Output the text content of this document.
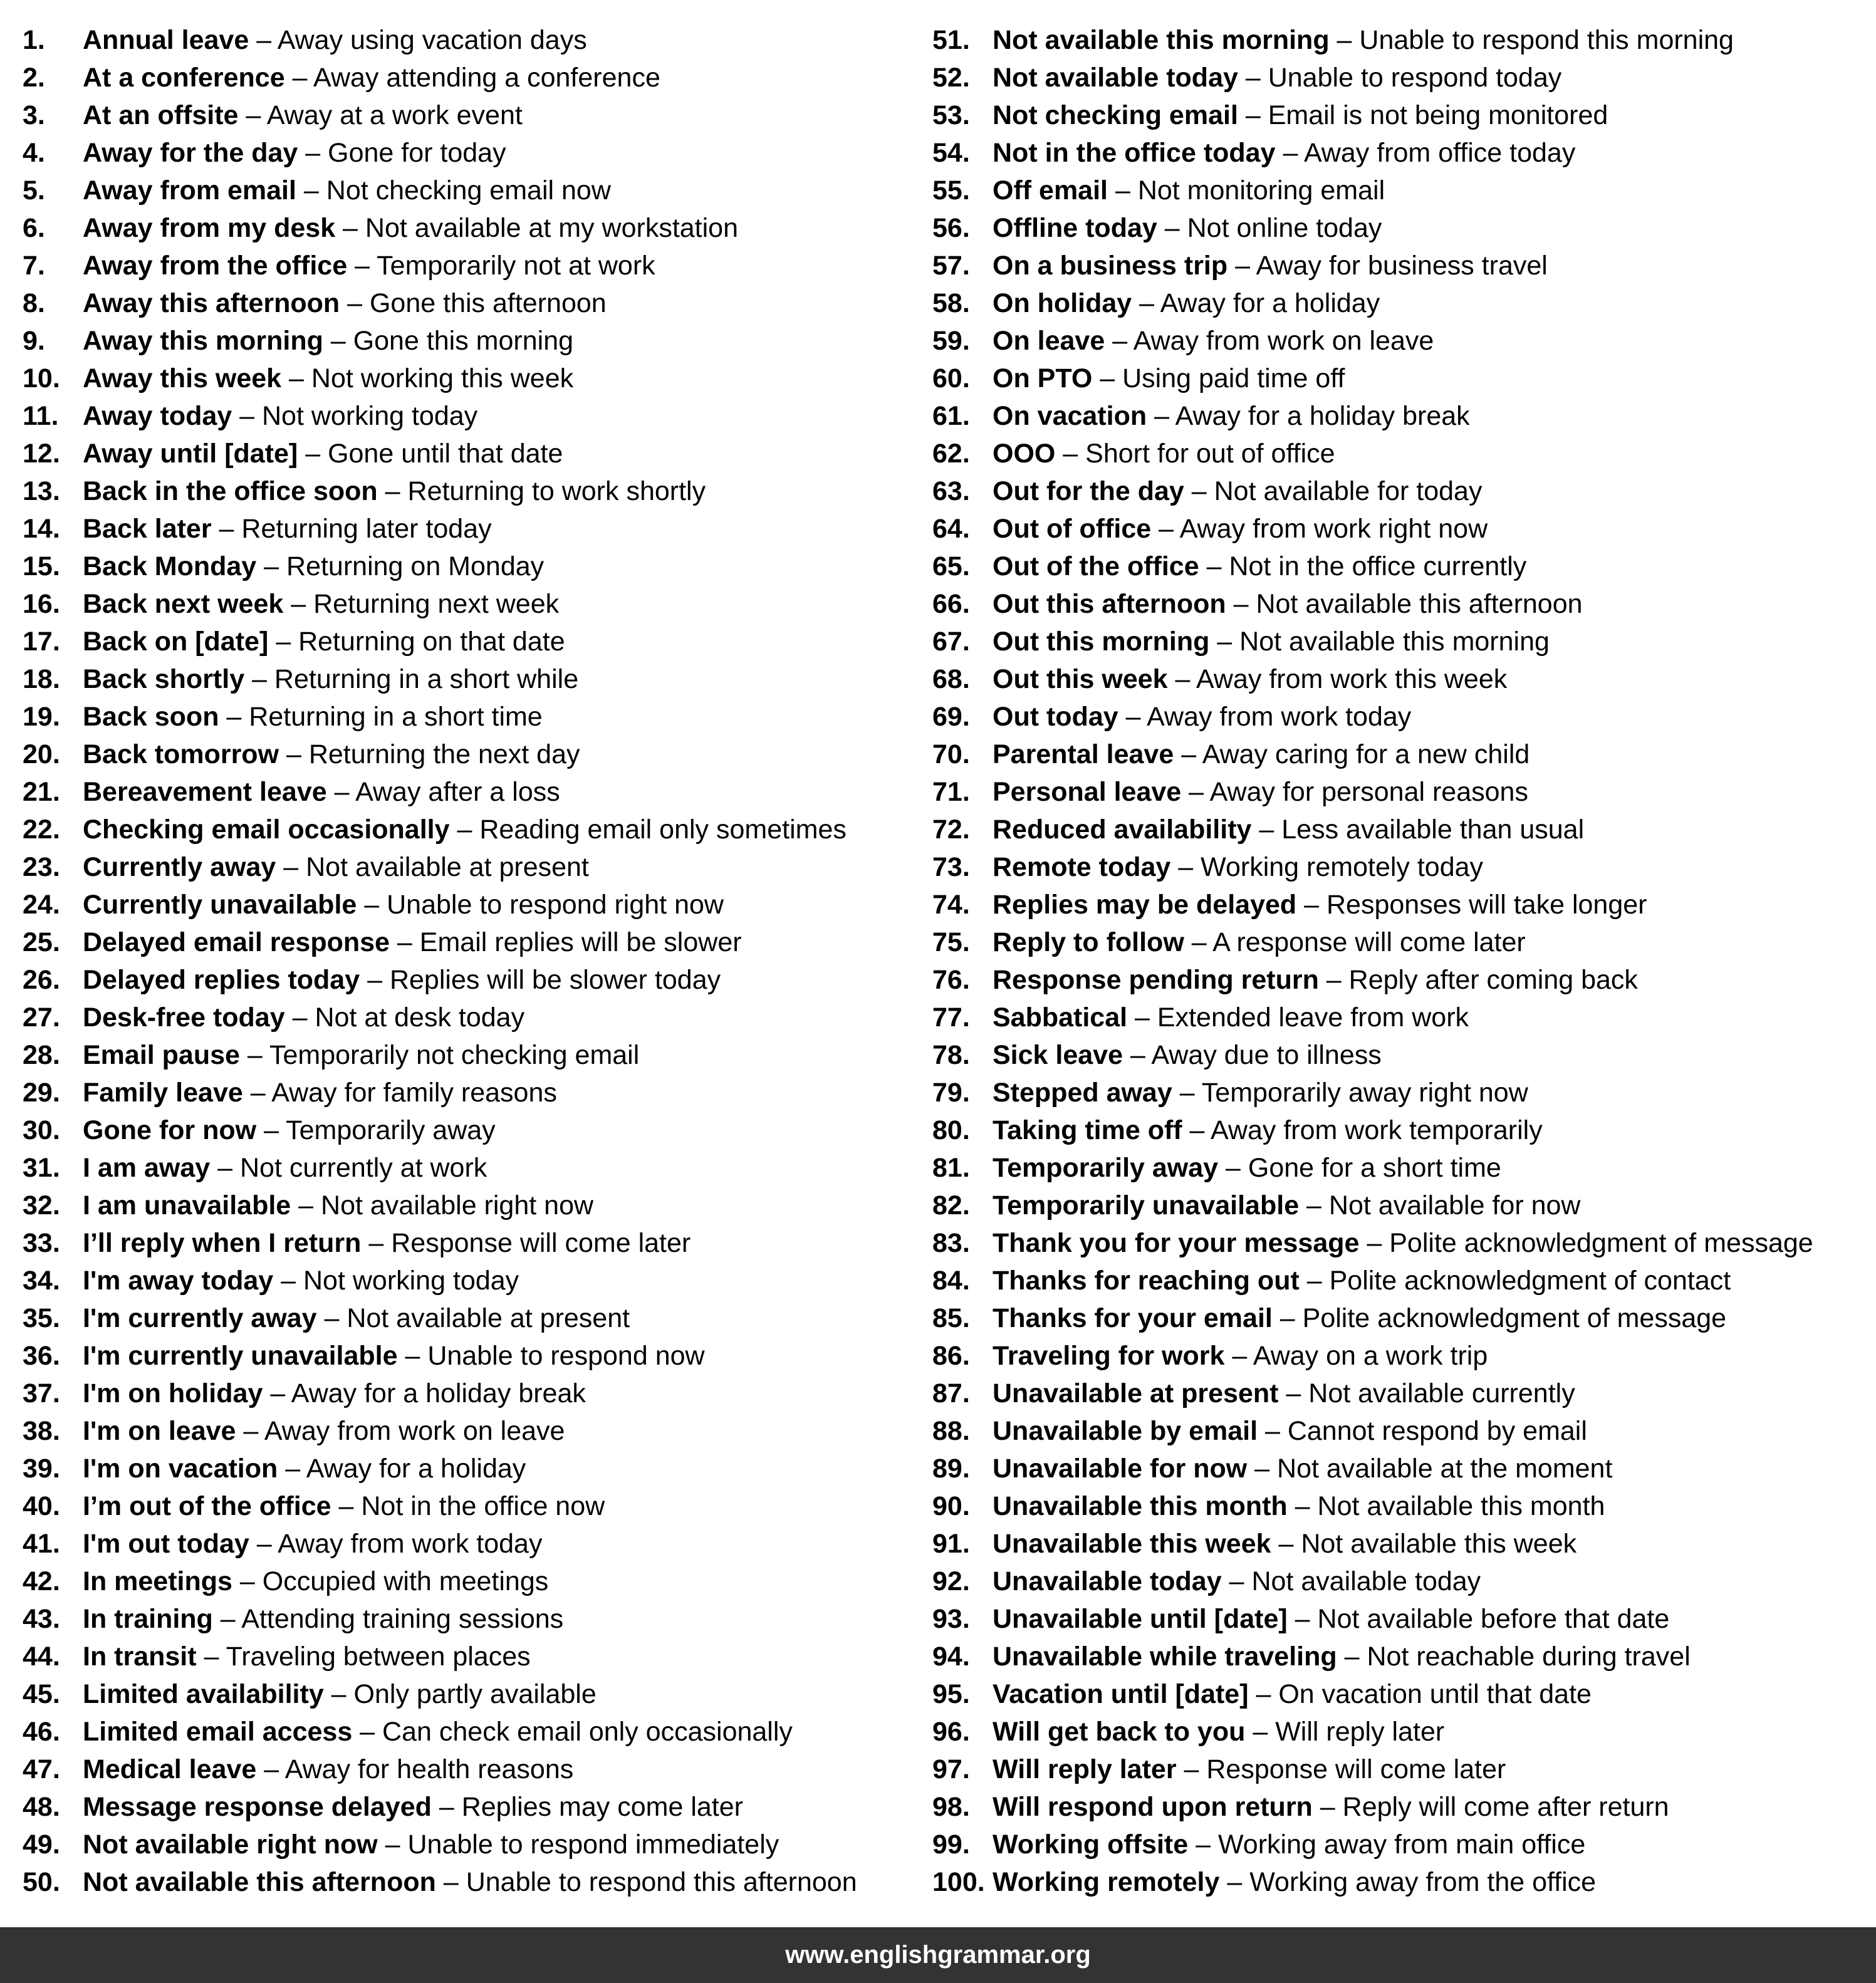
1.	Annual leave – Away using vacation days
2.	At a conference – Away attending a conference
3.	At an offsite – Away at a work event
4.	Away for the day – Gone for today
5.	Away from email – Not checking email now
6.	Away from my desk – Not available at my workstation
7.	Away from the office – Temporarily not at work
8.	Away this afternoon – Gone this afternoon
9.	Away this morning – Gone this morning
10. Away this week – Not working this week
11. Away today – Not working today
12. Away until [date] – Gone until that date
13. Back in the office soon – Returning to work shortly
14. Back later – Returning later today
15. Back Monday – Returning on Monday
16. Back next week – Returning next week
17. Back on [date] – Returning on that date
18. Back shortly – Returning in a short while
19. Back soon – Returning in a short time
20. Back tomorrow – Returning the next day
21. Bereavement leave – Away after a loss
22. Checking email occasionally – Reading email only sometimes
23. Currently away – Not available at present
24. Currently unavailable – Unable to respond right now
25. Delayed email response – Email replies will be slower
26. Delayed replies today – Replies will be slower today
27. Desk-free today – Not at desk today
28. Email pause – Temporarily not checking email
29. Family leave – Away for family reasons
30. Gone for now – Temporarily away
31. I am away – Not currently at work
32. I am unavailable – Not available right now
33. I’ll reply when I return – Response will come later
34. I'm away today – Not working today
35. I'm currently away – Not available at present
36. I'm currently unavailable – Unable to respond now
37. I'm on holiday – Away for a holiday break
38. I'm on leave – Away from work on leave
39. I'm on vacation – Away for a holiday
40. I’m out of the office – Not in the office now
41. I'm out today – Away from work today
42. In meetings – Occupied with meetings
43. In training – Attending training sessions
44. In transit – Traveling between places
45. Limited availability – Only partly available
46. Limited email access – Can check email only occasionally
47. Medical leave – Away for health reasons
48. Message response delayed – Replies may come later
49. Not available right now – Unable to respond immediately
50. Not available this afternoon – Unable to respond this afternoon
51. Not available this morning – Unable to respond this morning
52. Not available today – Unable to respond today
53. Not checking email – Email is not being monitored
54. Not in the office today – Away from office today
55. Off email – Not monitoring email
56. Offline today – Not online today
57. On a business trip – Away for business travel
58. On holiday – Away for a holiday
59. On leave – Away from work on leave
60. On PTO – Using paid time off
61. On vacation – Away for a holiday break
62. OOO – Short for out of office
63. Out for the day – Not available for today
64. Out of office – Away from work right now
65. Out of the office – Not in the office currently
66. Out this afternoon – Not available this afternoon
67. Out this morning – Not available this morning
68. Out this week – Away from work this week
69. Out today – Away from work today
70. Parental leave – Away caring for a new child
71. Personal leave – Away for personal reasons
72. Reduced availability – Less available than usual
73. Remote today – Working remotely today
74. Replies may be delayed – Responses will take longer
75. Reply to follow – A response will come later
76. Response pending return – Reply after coming back
77. Sabbatical – Extended leave from work
78. Sick leave – Away due to illness
79. Stepped away – Temporarily away right now
80. Taking time off – Away from work temporarily
81. Temporarily away – Gone for a short time
82. Temporarily unavailable – Not available for now
83. Thank you for your message – Polite acknowledgment of message
84. Thanks for reaching out – Polite acknowledgment of contact
85. Thanks for your email – Polite acknowledgment of message
86. Traveling for work – Away on a work trip
87. Unavailable at present – Not available currently
88. Unavailable by email – Cannot respond by email
89. Unavailable for now – Not available at the moment
90. Unavailable this month – Not available this month
91. Unavailable this week – Not available this week
92. Unavailable today – Not available today
93. Unavailable until [date] – Not available before that date
94. Unavailable while traveling – Not reachable during travel
95. Vacation until [date] – On vacation until that date
96. Will get back to you – Will reply later
97. Will reply later – Response will come later
98. Will respond upon return – Reply will come after return
99. Working offsite – Working away from main office
100. Working remotely – Working away from the office
www.englishgrammar.org
